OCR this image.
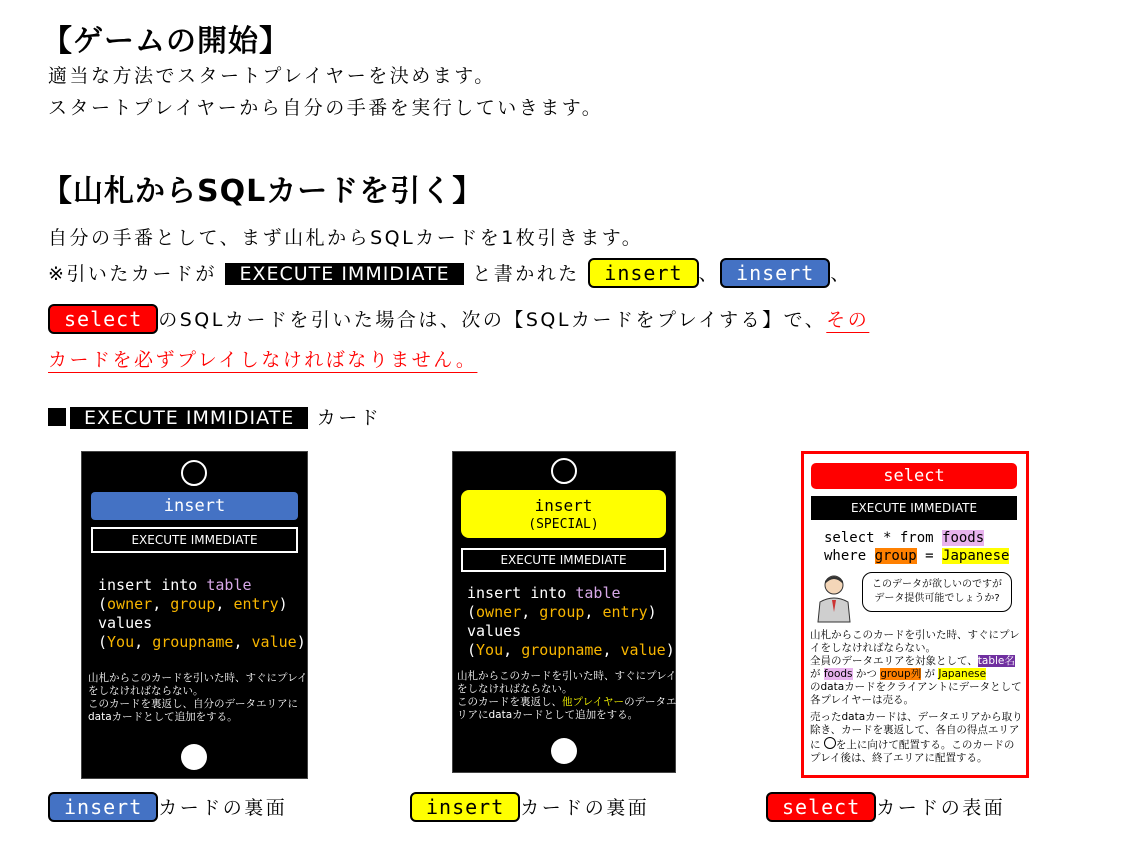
【ゲームの開始】
適当な方法でスタートプレイヤーを決めます。
スタートプレイヤーから自分の手番を実行していきます。
【山札からSQLカードを引く】
自分の手番として、まず山札からSQLカードを1枚引きます。
※引いたカードが EXECUTE IMMIDIATE と書かれた insert 、 insert 、
select のSQLカードを引いた場合は、次の【SQLカードをプレイする】で、その
カードを必ずプレイしなければなりません。
EXECUTE IMMIDIATE カード
insert
EXECUTE IMMEDIATE
insert into table
(owner, group, entry)
values
(You, groupname, value)
山札からこのカードを引いた時、すぐにプレイ
をしなければならない。
このカードを裏返し、自分のデータエリアに
dataカードとして追加をする。
insert
(SPECIAL)
EXECUTE IMMEDIATE
insert into table
(owner, group, entry)
values
(You, groupname, value)
山札からこのカードを引いた時、すぐにプレイ
をしなければならない。
このカードを裏返し、他プレイヤーのデータエ
リアにdataカードとして追加をする。
select
EXECUTE IMMEDIATE
select * from foods
where group = Japanese
このデータが欲しいのですが
データ提供可能でしょうか?
山札からこのカードを引いた時、すぐにプレ
イをしなければならない。
全員のデータエリアを対象として、table名
が foods かつ group列 が Japanese
のdataカードをクライアントにデータとして
各プレイヤーは売る。
売ったdataカードは、データエリアから取り
除き、カードを裏返して、各自の得点エリア
に を上に向けて配置する。このカードの
プレイ後は、終了エリアに配置する。
insert カードの裏面	insert カードの裏面	select カードの表面
